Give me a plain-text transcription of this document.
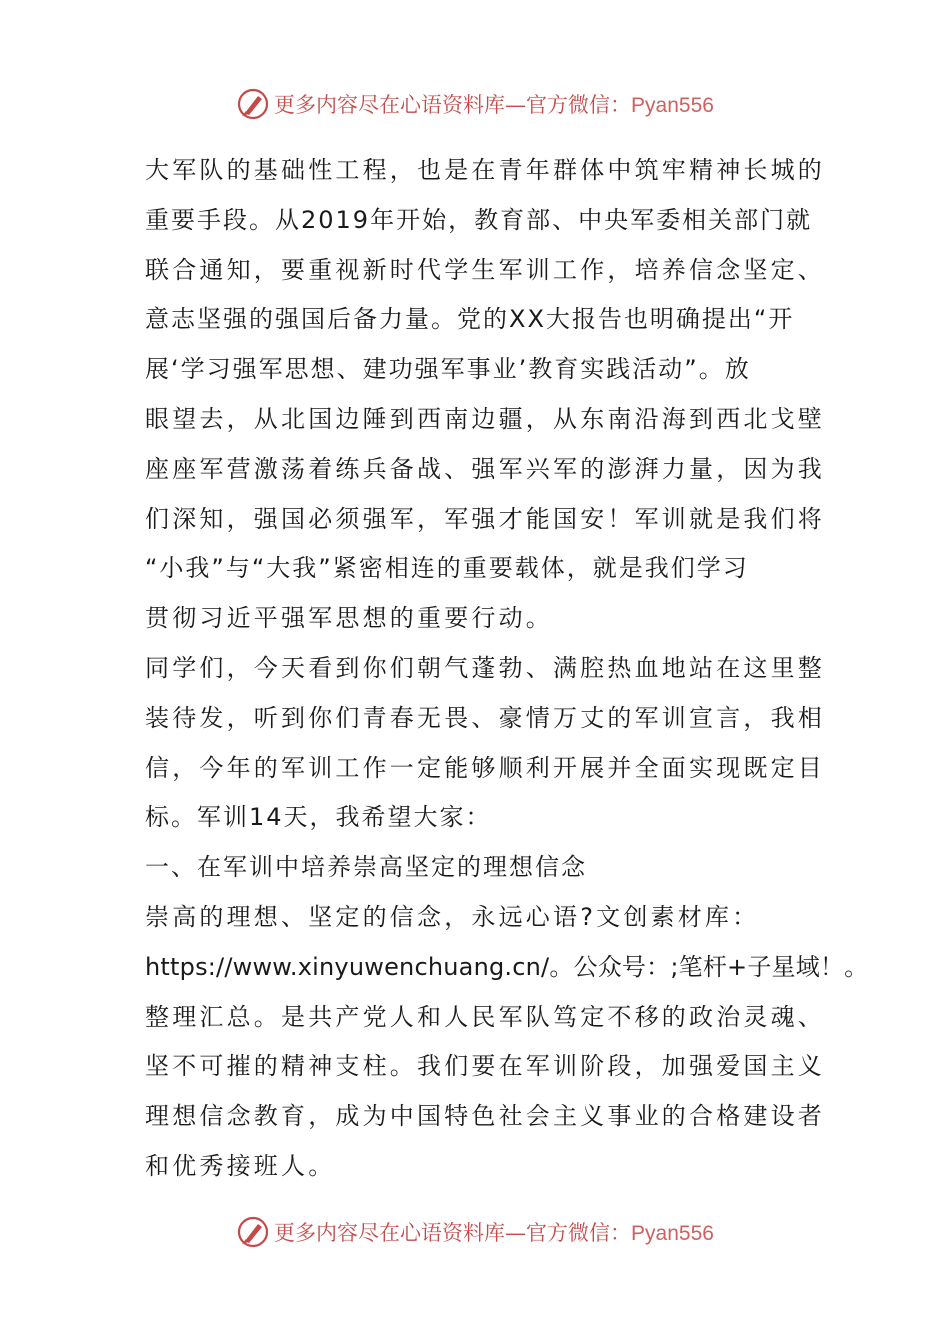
更多内容尽在心语资料库—官方微信：Pyan556
大军队的基础性工程，也是在青年群体中筑牢精神长城的
重要手段。从2019年开始，教育部、中央军委相关部门就
联合通知，要重视新时代学生军训工作，培养信念坚定、
意志坚强的强国后备力量。党的XX大报告也明确提出“开
展‘学习强军思想、建功强军事业’教育实践活动”。放
眼望去，从北国边陲到西南边疆，从东南沿海到西北戈壁
座座军营激荡着练兵备战、强军兴军的澎湃力量，因为我
们深知，强国必须强军，军强才能国安！军训就是我们将
“小我”与“大我”紧密相连的重要载体，就是我们学习
贯彻习近平强军思想的重要行动。
同学们，今天看到你们朝气蓬勃、满腔热血地站在这里整
装待发，听到你们青春无畏、豪情万丈的军训宣言，我相
信，今年的军训工作一定能够顺利开展并全面实现既定目
标。军训14天，我希望大家：
一、在军训中培养崇高坚定的理想信念
崇高的理想、坚定的信念，永远心语?文创素材库：
https://www.xinyuwenchuang.cn/。公众号：;笔杆+子星域！。
整理汇总。是共产党人和人民军队笃定不移的政治灵魂、
坚不可摧的精神支柱。我们要在军训阶段，加强爱国主义
理想信念教育，成为中国特色社会主义事业的合格建设者
和优秀接班人。
更多内容尽在心语资料库—官方微信：Pyan556
